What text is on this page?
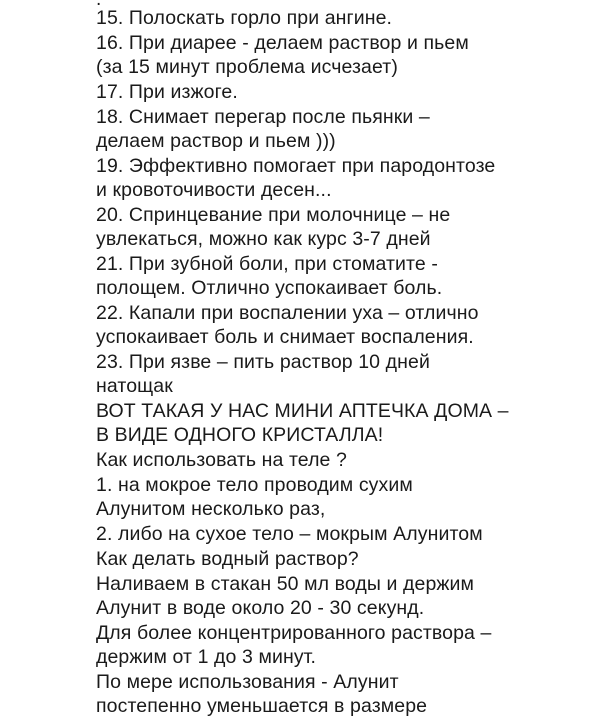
15. Полоскать горло при ангине.
16. При диарее - делаем раствор и пьем
(за 15 минут проблема исчезает)
17. При изжоге.
18. Снимает перегар после пьянки –
делаем раствор и пьем )))
19. Эффективно помогает при пародонтозе
и кровоточивости десен...
20. Спринцевание при молочнице – не
увлекаться, можно как курс 3-7 дней
21. При зубной боли, при стоматите -
полощем. Отлично успокаивает боль.
22. Капали при воспалении уха – отлично
успокаивает боль и снимает воспаления.
23. При язве – пить раствор 10 дней
натощак
ВОТ ТАКАЯ У НАС МИНИ АПТЕЧКА ДОМА –
В ВИДЕ ОДНОГО КРИСТАЛЛА!
Как использовать на теле ?
1. на мокрое тело проводим сухим
Алунитом несколько раз,
2. либо на сухое тело – мокрым Алунитом
Как делать водный раствор?
Наливаем в стакан 50 мл воды и держим
Алунит в воде около 20 - 30 секунд.
Для более концентрированного раствора –
держим от 1 до 3 минут.
По мере использования - Алунит
постепенно уменьшается в размере
